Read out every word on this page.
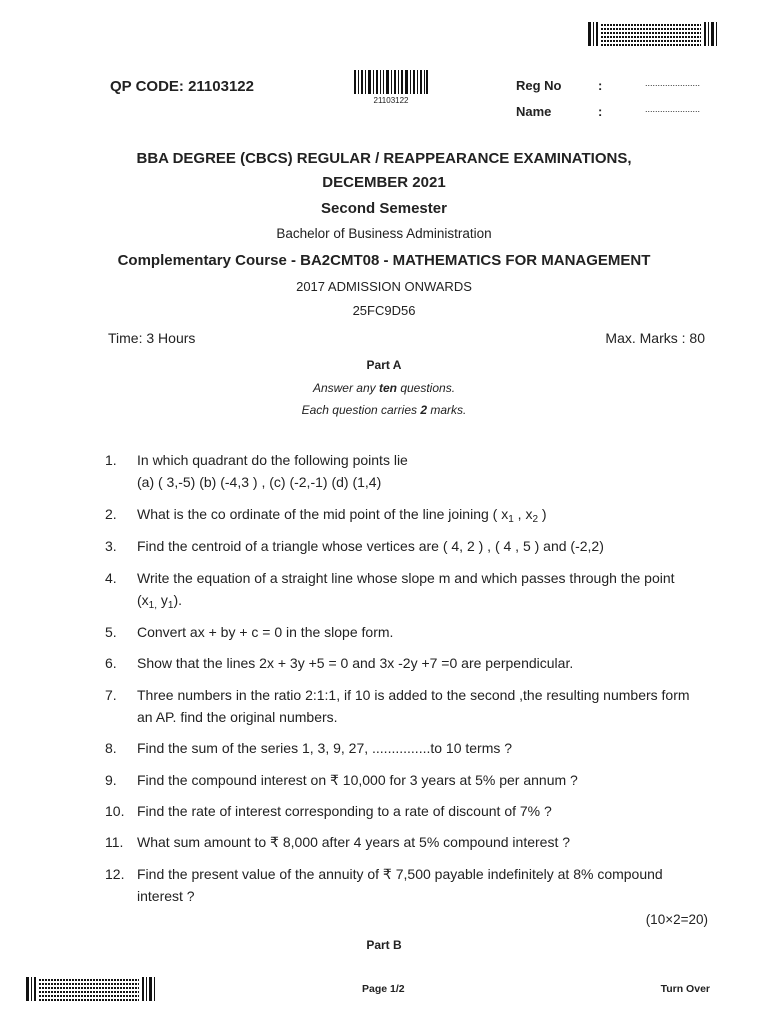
QP CODE: 21103122
21103122
Reg No	:	......................
Name	:	......................
BBA DEGREE (CBCS) REGULAR / REAPPEARANCE EXAMINATIONS,
DECEMBER 2021
Second Semester
Bachelor of Business Administration
Complementary Course - BA2CMT08 - MATHEMATICS FOR MANAGEMENT
2017 ADMISSION ONWARDS
25FC9D56
Time: 3 Hours	Max. Marks : 80
Part A
Answer any ten questions.
Each question carries 2 marks.
1. In which quadrant do the following points lie
(a) ( 3,-5) (b) (-4,3 ) , (c) (-2,-1) (d) (1,4)
2. What is the co ordinate of the mid point of the line joining ( $x_1$ , $x_2$ )
3. Find the centroid of a triangle whose vertices are ( 4, 2 ) , ( 4 , 5 ) and (-2,2)
4. Write the equation of a straight line whose slope m and which passes through the point
($x_{1,}$ $y_1$).
5. Convert ax + by + c = 0 in the slope form.
6. Show that the lines 2x + 3y +5 = 0 and 3x -2y +7 =0 are perpendicular.
7. Three numbers in the ratio 2:1:1, if 10 is added to the second ,the resulting numbers form
an AP. find the original numbers.
8. Find the sum of the series 1, 3, 9, 27, ...............to 10 terms ?
9. Find the compound interest on ₹ 10,000 for 3 years at 5% per annum ?
10. Find the rate of interest corresponding to a rate of discount of 7% ?
11. What sum amount to ₹ 8,000 after 4 years at 5% compound interest ?
12. Find the present value of the annuity of ₹ 7,500 payable indefinitely at 8% compound
interest ?
(10×2=20)
Part B
Page 1/2	Turn Over
